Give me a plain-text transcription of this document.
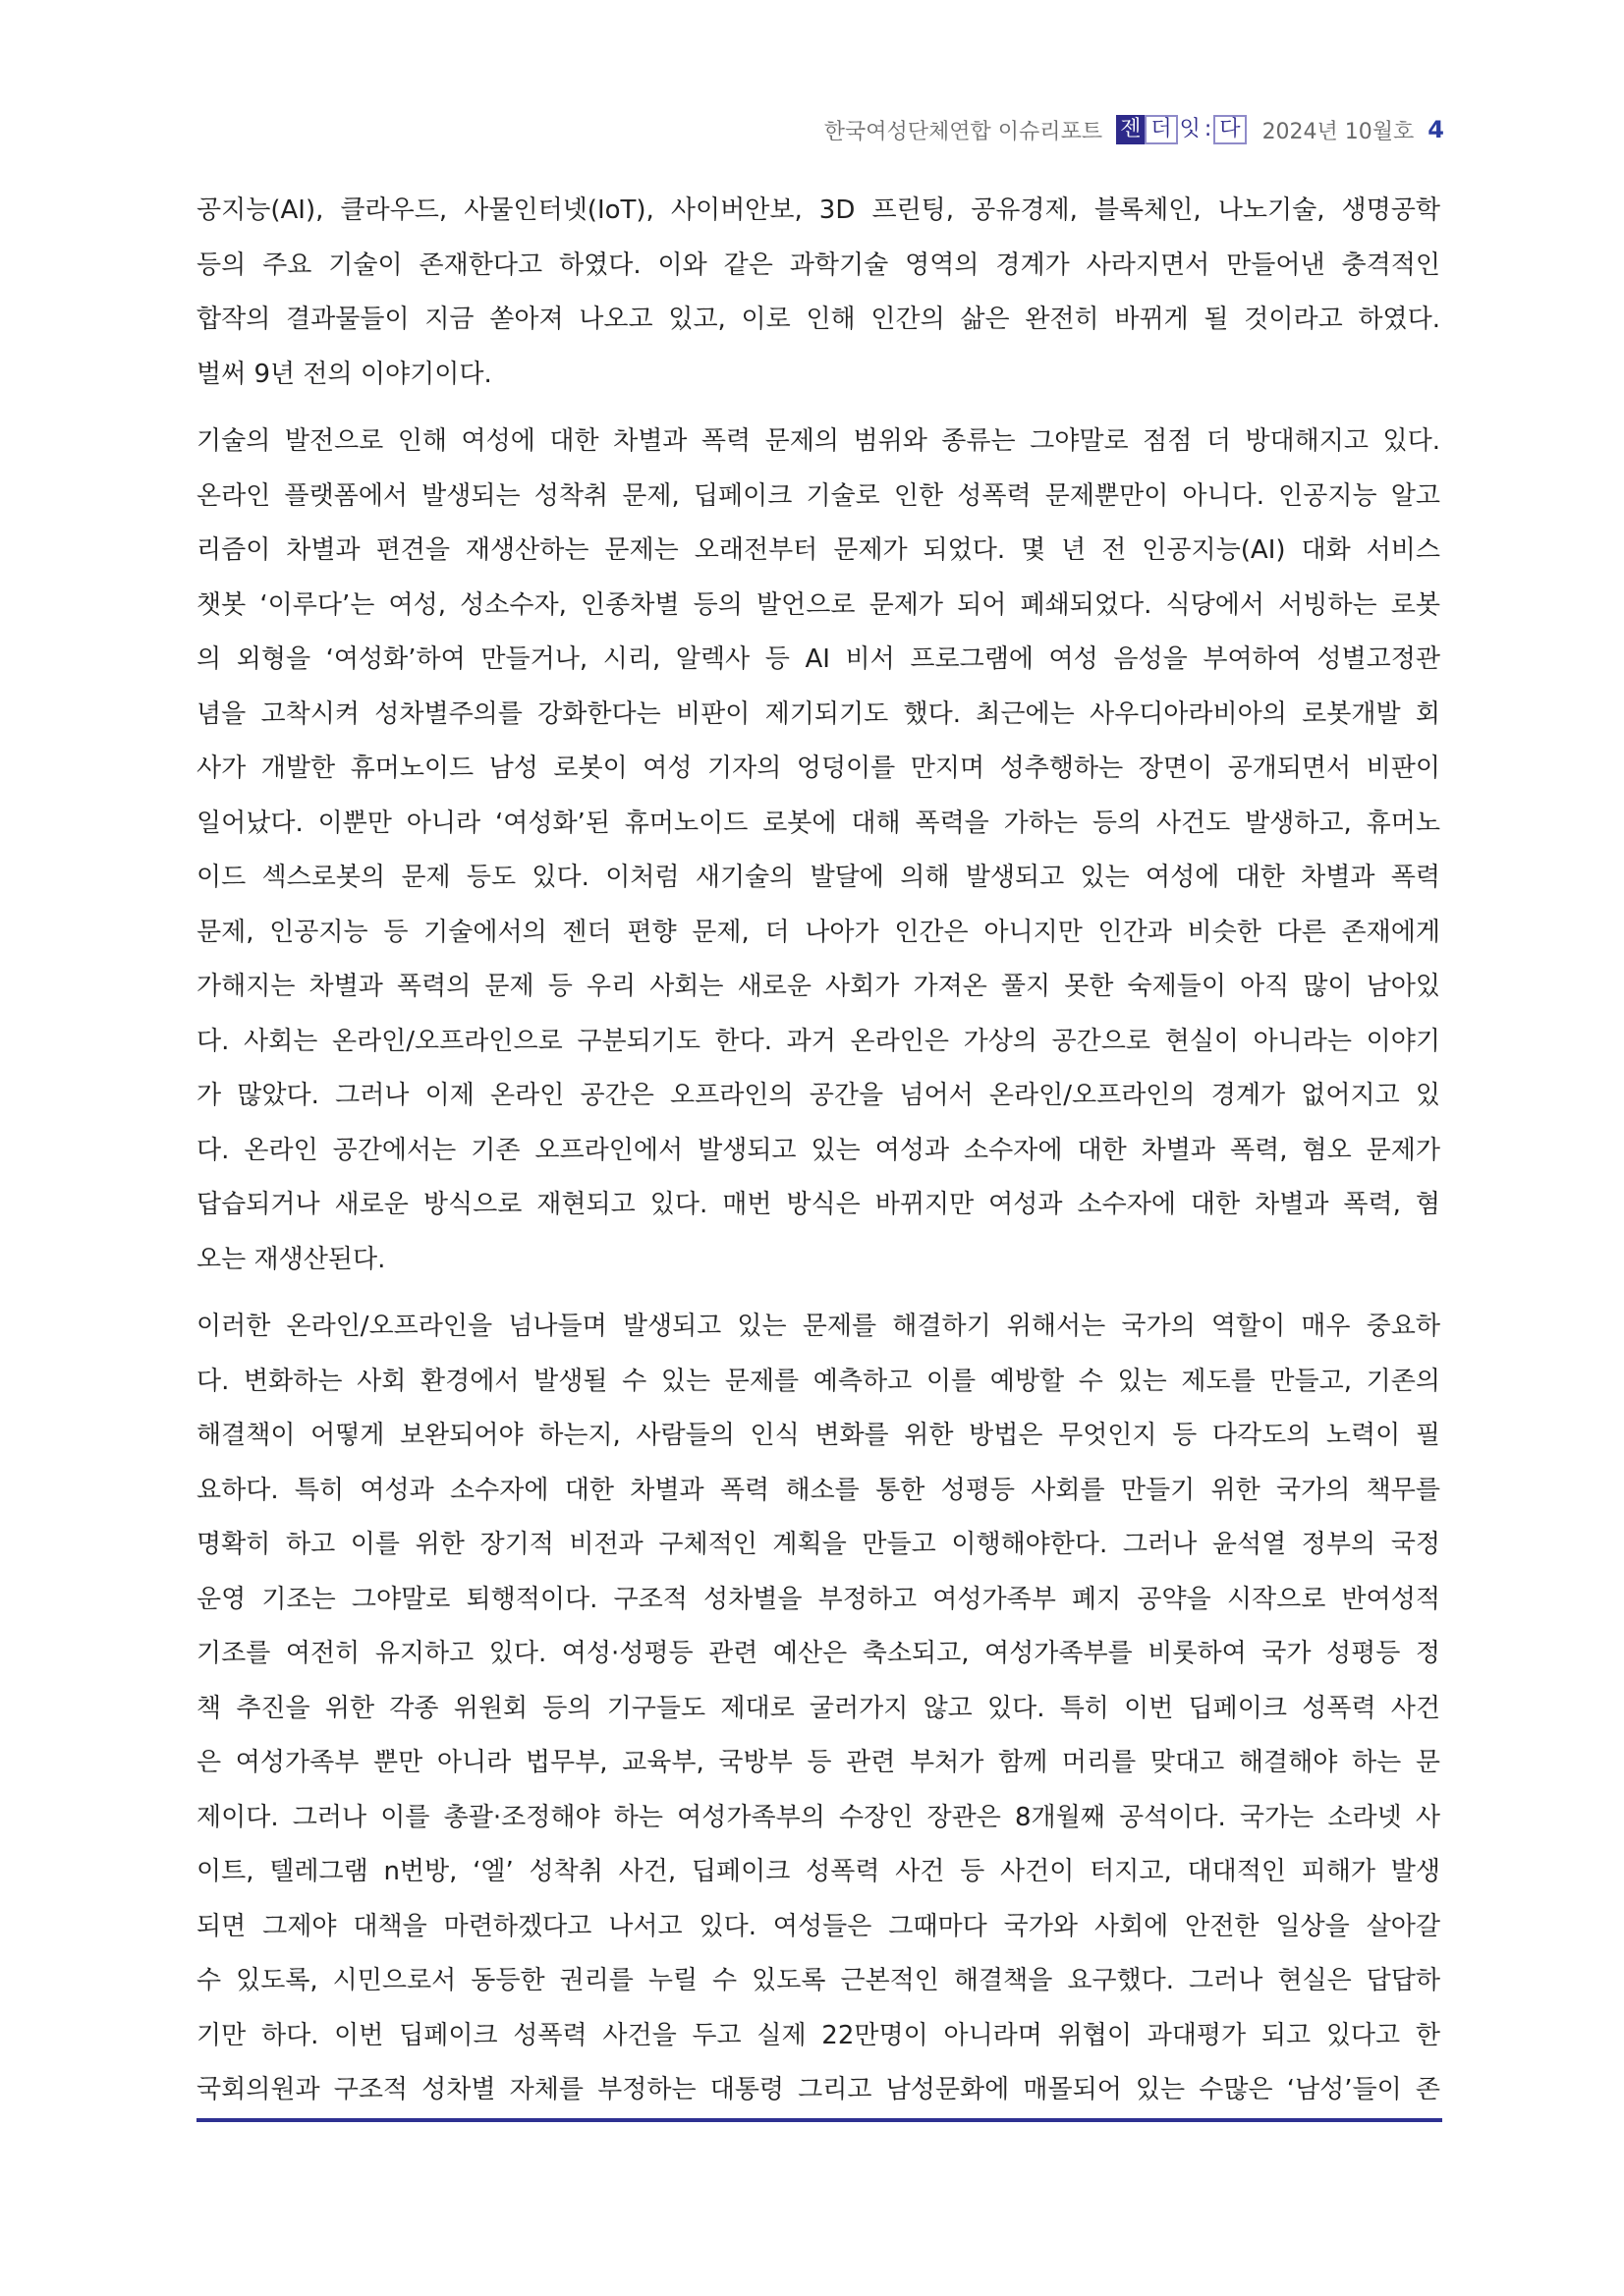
한국여성단체연합 이슈리포트 젠 더 잇 : 다 2024년 10월호 4
공지능(AI), 클라우드, 사물인터넷(IoT), 사이버안보, 3D 프린팅, 공유경제, 블록체인, 나노기술, 생명공학
등의 주요 기술이 존재한다고 하였다. 이와 같은 과학기술 영역의 경계가 사라지면서 만들어낸 충격적인
합작의 결과물들이 지금 쏟아져 나오고 있고, 이로 인해 인간의 삶은 완전히 바뀌게 될 것이라고 하였다.
벌써 9년 전의 이야기이다.
기술의 발전으로 인해 여성에 대한 차별과 폭력 문제의 범위와 종류는 그야말로 점점 더 방대해지고 있다.
온라인 플랫폼에서 발생되는 성착취 문제, 딥페이크 기술로 인한 성폭력 문제뿐만이 아니다. 인공지능 알고
리즘이 차별과 편견을 재생산하는 문제는 오래전부터 문제가 되었다. 몇 년 전 인공지능(AI) 대화 서비스
챗봇 ‘이루다’는 여성, 성소수자, 인종차별 등의 발언으로 문제가 되어 폐쇄되었다. 식당에서 서빙하는 로봇
의 외형을 ‘여성화’하여 만들거나, 시리, 알렉사 등 AI 비서 프로그램에 여성 음성을 부여하여 성별고정관
념을 고착시켜 성차별주의를 강화한다는 비판이 제기되기도 했다. 최근에는 사우디아라비아의 로봇개발 회
사가 개발한 휴머노이드 남성 로봇이 여성 기자의 엉덩이를 만지며 성추행하는 장면이 공개되면서 비판이
일어났다. 이뿐만 아니라 ‘여성화’된 휴머노이드 로봇에 대해 폭력을 가하는 등의 사건도 발생하고, 휴머노
이드 섹스로봇의 문제 등도 있다. 이처럼 새기술의 발달에 의해 발생되고 있는 여성에 대한 차별과 폭력
문제, 인공지능 등 기술에서의 젠더 편향 문제, 더 나아가 인간은 아니지만 인간과 비슷한 다른 존재에게
가해지는 차별과 폭력의 문제 등 우리 사회는 새로운 사회가 가져온 풀지 못한 숙제들이 아직 많이 남아있
다. 사회는 온라인/오프라인으로 구분되기도 한다. 과거 온라인은 가상의 공간으로 현실이 아니라는 이야기
가 많았다. 그러나 이제 온라인 공간은 오프라인의 공간을 넘어서 온라인/오프라인의 경계가 없어지고 있
다. 온라인 공간에서는 기존 오프라인에서 발생되고 있는 여성과 소수자에 대한 차별과 폭력, 혐오 문제가
답습되거나 새로운 방식으로 재현되고 있다. 매번 방식은 바뀌지만 여성과 소수자에 대한 차별과 폭력, 혐
오는 재생산된다.
이러한 온라인/오프라인을 넘나들며 발생되고 있는 문제를 해결하기 위해서는 국가의 역할이 매우 중요하
다. 변화하는 사회 환경에서 발생될 수 있는 문제를 예측하고 이를 예방할 수 있는 제도를 만들고, 기존의
해결책이 어떻게 보완되어야 하는지, 사람들의 인식 변화를 위한 방법은 무엇인지 등 다각도의 노력이 필
요하다. 특히 여성과 소수자에 대한 차별과 폭력 해소를 통한 성평등 사회를 만들기 위한 국가의 책무를
명확히 하고 이를 위한 장기적 비전과 구체적인 계획을 만들고 이행해야한다. 그러나 윤석열 정부의 국정
운영 기조는 그야말로 퇴행적이다. 구조적 성차별을 부정하고 여성가족부 폐지 공약을 시작으로 반여성적
기조를 여전히 유지하고 있다. 여성·성평등 관련 예산은 축소되고, 여성가족부를 비롯하여 국가 성평등 정
책 추진을 위한 각종 위원회 등의 기구들도 제대로 굴러가지 않고 있다. 특히 이번 딥페이크 성폭력 사건
은 여성가족부 뿐만 아니라 법무부, 교육부, 국방부 등 관련 부처가 함께 머리를 맞대고 해결해야 하는 문
제이다. 그러나 이를 총괄·조정해야 하는 여성가족부의 수장인 장관은 8개월째 공석이다. 국가는 소라넷 사
이트, 텔레그램 n번방, ‘엘’ 성착취 사건, 딥페이크 성폭력 사건 등 사건이 터지고, 대대적인 피해가 발생
되면 그제야 대책을 마련하겠다고 나서고 있다. 여성들은 그때마다 국가와 사회에 안전한 일상을 살아갈
수 있도록, 시민으로서 동등한 권리를 누릴 수 있도록 근본적인 해결책을 요구했다. 그러나 현실은 답답하
기만 하다. 이번 딥페이크 성폭력 사건을 두고 실제 22만명이 아니라며 위협이 과대평가 되고 있다고 한
국회의원과 구조적 성차별 자체를 부정하는 대통령 그리고 남성문화에 매몰되어 있는 수많은 ‘남성’들이 존
